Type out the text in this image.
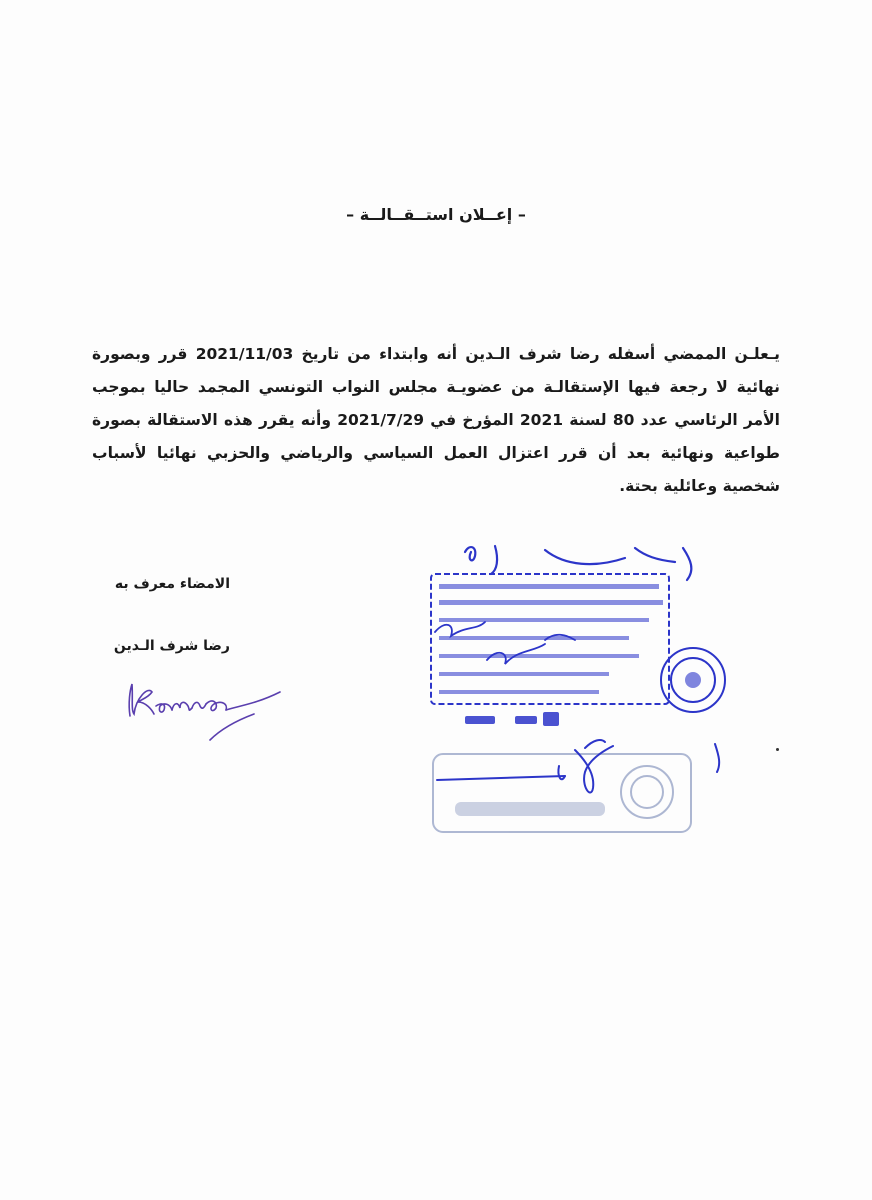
– إعــلان استــقــالــة –

يـعلـن الممضي أسفله رضا شرف الـدين أنه وابتداء من تاريخ 2021/11/03 قرر وبصورة نهائية لا رجعة فيها الإستقالـة من عضويـة مجلس النواب التونسي المجمد حاليا بموجب الأمر الرئاسي عدد 80 لسنة 2021 المؤرخ في 2021/7/29 وأنه يقرر هذه الاستقالة بصورة طواعية ونهائية بعد أن قرر اعتزال العمل السياسي والرياضي والحزبي نهائيا لأسباب شخصية وعائلية بحتة.

الامضاء معرف به
رضا شرف الـدين
